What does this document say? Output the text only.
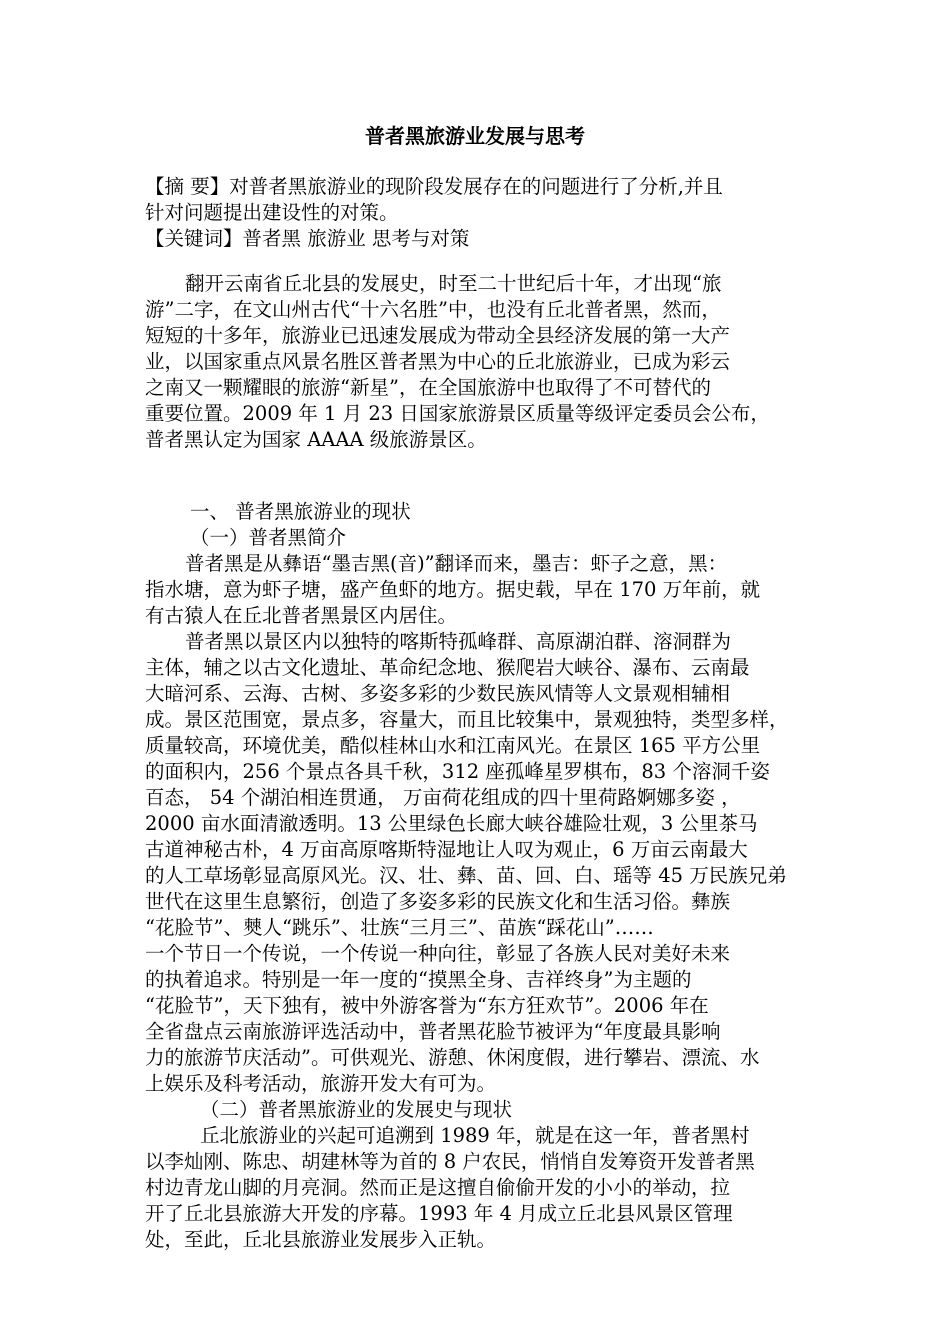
普者黑旅游业发展与思考
【摘 要】对普者黑旅游业的现阶段发展存在的问题进行了分析,并且
针对问题提出建设性的对策。
【关键词】普者黑 旅游业 思考与对策
翻开云南省丘北县的发展史，时至二十世纪后十年，才出现“旅
游”二字，在文山州古代“十六名胜”中，也没有丘北普者黑，然而，
短短的十多年，旅游业已迅速发展成为带动全县经济发展的第一大产
业，以国家重点风景名胜区普者黑为中心的丘北旅游业，已成为彩云
之南又一颗耀眼的旅游“新星”，在全国旅游中也取得了不可替代的
重要位置。2009 年 1 月 23 日国家旅游景区质量等级评定委员会公布，
普者黑认定为国家 AAAA 级旅游景区。
一、 普者黑旅游业的现状
（一）普者黑简介
普者黑是从彝语“墨吉黑(音)”翻译而来，墨吉：虾子之意，黑：
指水塘，意为虾子塘，盛产鱼虾的地方。据史载，早在 170 万年前，就
有古猿人在丘北普者黑景区内居住。
普者黑以景区内以独特的喀斯特孤峰群、高原湖泊群、溶洞群为
主体，辅之以古文化遗址、革命纪念地、猴爬岩大峡谷、瀑布、云南最
大暗河系、云海、古树、多姿多彩的少数民族风情等人文景观相辅相
成。景区范围宽，景点多，容量大，而且比较集中，景观独特，类型多样，
质量较高，环境优美，酷似桂林山水和江南风光。在景区 165 平方公里
的面积内，256 个景点各具千秋，312 座孤峰星罗棋布，83 个溶洞千姿
百态， 54 个湖泊相连贯通， 万亩荷花组成的四十里荷路婀娜多姿 ，
2000 亩水面清澈透明。13 公里绿色长廊大峡谷雄险壮观，3 公里茶马
古道神秘古朴，4 万亩高原喀斯特湿地让人叹为观止，6 万亩云南最大
的人工草场彰显高原风光。汉、壮、彝、苗、回、白、瑶等 45 万民族兄弟
世代在这里生息繁衍，创造了多姿多彩的民族文化和生活习俗。彝族
“花脸节”、僰人“跳乐”、壮族“三月三”、苗族“踩花山”……
一个节日一个传说，一个传说一种向往，彰显了各族人民对美好未来
的执着追求。特别是一年一度的“摸黑全身、吉祥终身”为主题的
“花脸节”，天下独有，被中外游客誉为“东方狂欢节”。2006 年在
全省盘点云南旅游评选活动中，普者黑花脸节被评为“年度最具影响
力的旅游节庆活动”。可供观光、游憩、休闲度假，进行攀岩、漂流、水
上娱乐及科考活动，旅游开发大有可为。
（二）普者黑旅游业的发展史与现状
丘北旅游业的兴起可追溯到 1989 年，就是在这一年，普者黑村
以李灿刚、陈忠、胡建林等为首的 8 户农民，悄悄自发筹资开发普者黑
村边青龙山脚的月亮洞。然而正是这擅自偷偷开发的小小的举动，拉
开了丘北县旅游大开发的序幕。1993 年 4 月成立丘北县风景区管理
处，至此，丘北县旅游业发展步入正轨。
